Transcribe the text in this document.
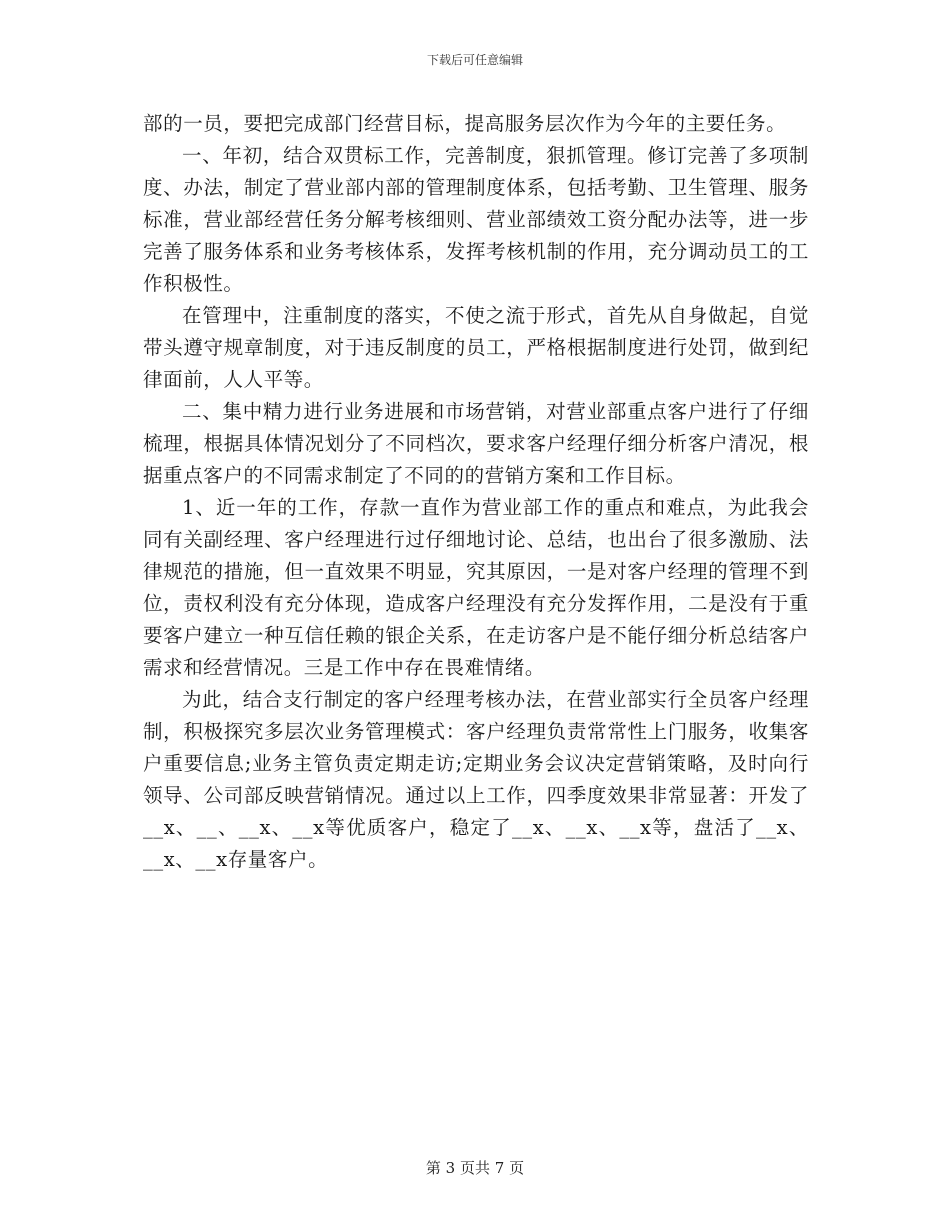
下载后可任意编辑

部的一员，要把完成部门经营目标，提高服务层次作为今年的主要任务。

一、年初，结合双贯标工作，完善制度，狠抓管理。修订完善了多项制度、办法，制定了营业部内部的管理制度体系，包括考勤、卫生管理、服务标准，营业部经营任务分解考核细则、营业部绩效工资分配办法等，进一步完善了服务体系和业务考核体系，发挥考核机制的作用，充分调动员工的工作积极性。

在管理中，注重制度的落实，不使之流于形式，首先从自身做起，自觉带头遵守规章制度，对于违反制度的员工，严格根据制度进行处罚，做到纪律面前，人人平等。

二、集中精力进行业务进展和市场营销，对营业部重点客户进行了仔细梳理，根据具体情况划分了不同档次，要求客户经理仔细分析客户清况，根据重点客户的不同需求制定了不同的的营销方案和工作目标。

1、近一年的工作，存款一直作为营业部工作的重点和难点，为此我会同有关副经理、客户经理进行过仔细地讨论、总结，也出台了很多激励、法律规范的措施，但一直效果不明显，究其原因，一是对客户经理的管理不到位，责权利没有充分体现，造成客户经理没有充分发挥作用，二是没有于重要客户建立一种互信任赖的银企关系，在走访客户是不能仔细分析总结客户需求和经营情况。三是工作中存在畏难情绪。

为此，结合支行制定的客户经理考核办法，在营业部实行全员客户经理制，积极探究多层次业务管理模式：客户经理负责常常性上门服务，收集客户重要信息;业务主管负责定期走访;定期业务会议决定营销策略，及时向行领导、公司部反映营销情况。通过以上工作，四季度效果非常显著：开发了__x、__、__x、__x等优质客户，稳定了__x、__x、__x等，盘活了__x、__x、__x存量客户。

第 3 页共 7 页
